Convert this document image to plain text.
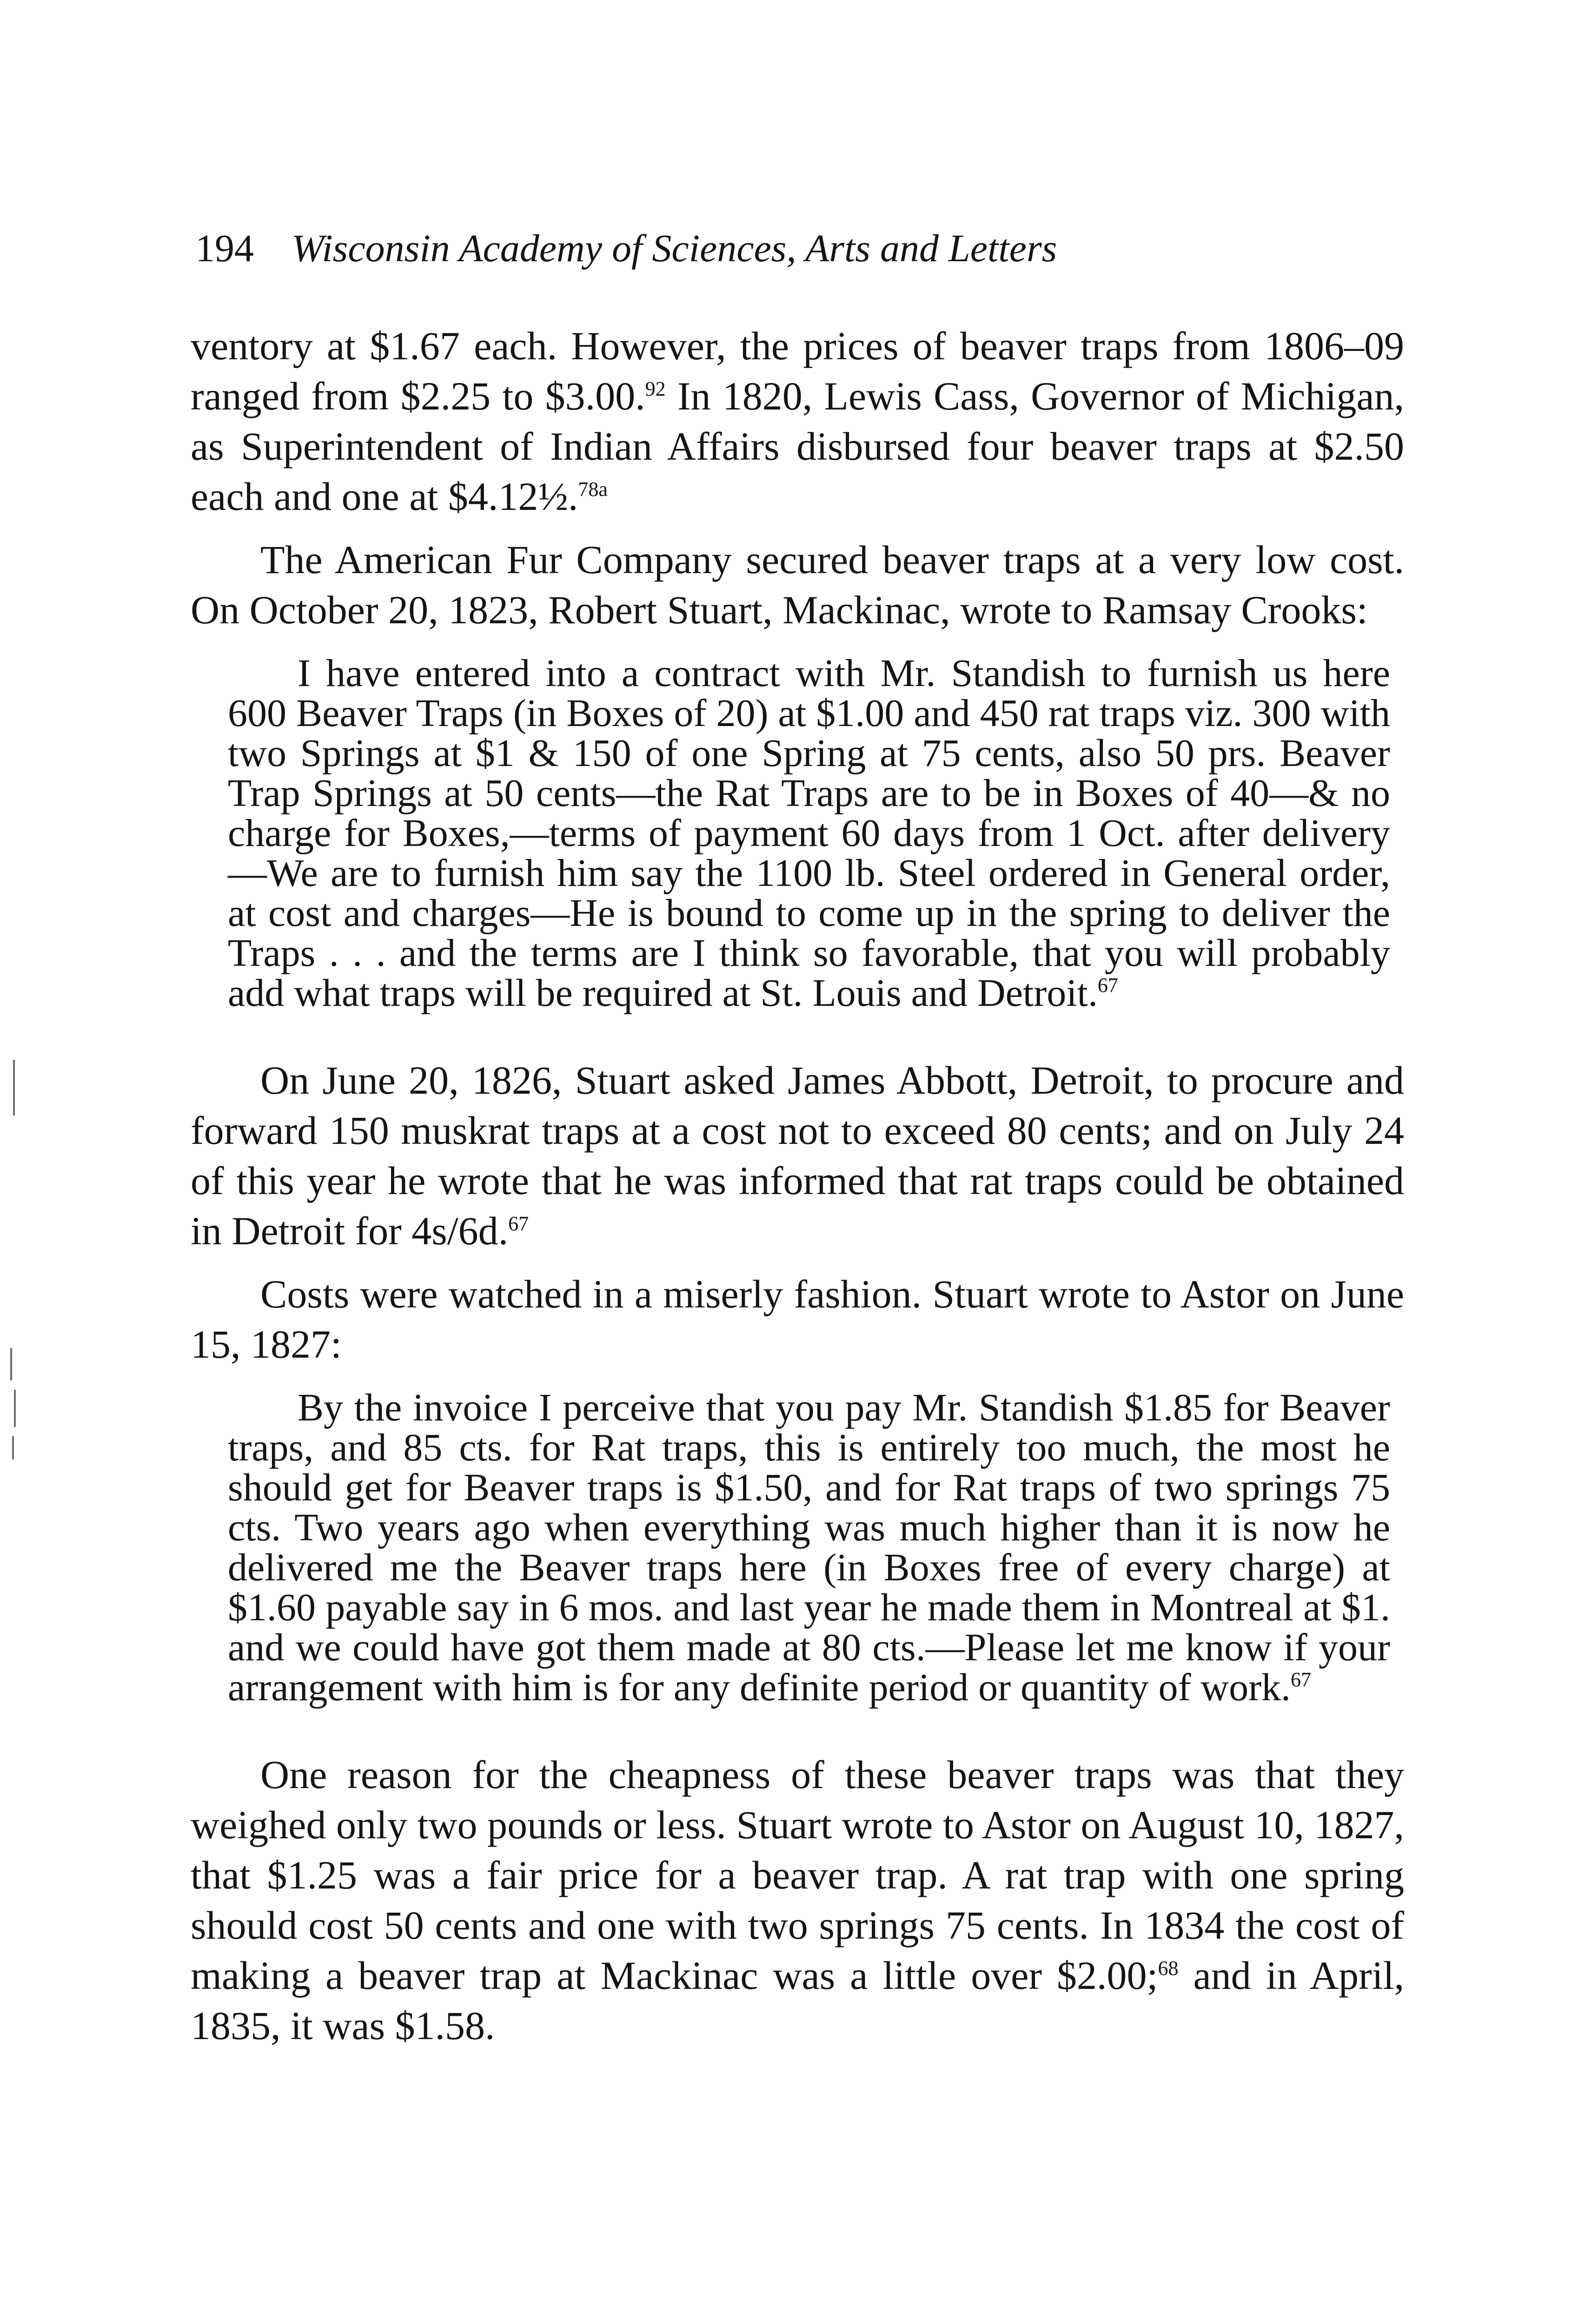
194 Wisconsin Academy of Sciences, Arts and Letters

ventory at $1.67 each. However, the prices of beaver traps from 1806–09 ranged from $2.25 to $3.00.92 In 1820, Lewis Cass, Governor of Michigan, as Superintendent of Indian Affairs disbursed four beaver traps at $2.50 each and one at $4.12½.$^{78a}$

The American Fur Company secured beaver traps at a very low cost. On October 20, 1823, Robert Stuart, Mackinac, wrote to Ramsay Crooks:

I have entered into a contract with Mr. Standish to furnish us here 600 Beaver Traps (in Boxes of 20) at $1.00 and 450 rat traps viz. 300 with two Springs at $1 & 150 of one Spring at 75 cents, also 50 prs. Beaver Trap Springs at 50 cents—the Rat Traps are to be in Boxes of 40—& no charge for Boxes,—terms of payment 60 days from 1 Oct. after delivery—We are to furnish him say the 1100 lb. Steel ordered in General order, at cost and charges—He is bound to come up in the spring to deliver the Traps . . . and the terms are I think so favorable, that you will probably add what traps will be required at St. Louis and Detroit.$^{67}$

On June 20, 1826, Stuart asked James Abbott, Detroit, to procure and forward 150 muskrat traps at a cost not to exceed 80 cents; and on July 24 of this year he wrote that he was informed that rat traps could be obtained in Detroit for 4s/6d.$^{67}$

Costs were watched in a miserly fashion. Stuart wrote to Astor on June 15, 1827:

By the invoice I perceive that you pay Mr. Standish $1.85 for Beaver traps, and 85 cts. for Rat traps, this is entirely too much, the most he should get for Beaver traps is $1.50, and for Rat traps of two springs 75 cts. Two years ago when everything was much higher than it is now he delivered me the Beaver traps here (in Boxes free of every charge) at $1.60 payable say in 6 mos. and last year he made them in Montreal at $1. and we could have got them made at 80 cts.—Please let me know if your arrangement with him is for any definite period or quantity of work.$^{67}$

One reason for the cheapness of these beaver traps was that they weighed only two pounds or less. Stuart wrote to Astor on August 10, 1827, that $1.25 was a fair price for a beaver trap. A rat trap with one spring should cost 50 cents and one with two springs 75 cents. In 1834 the cost of making a beaver trap at Mackinac was a little over $2.00;$^{68}$ and in April, 1835, it was $1.58.
